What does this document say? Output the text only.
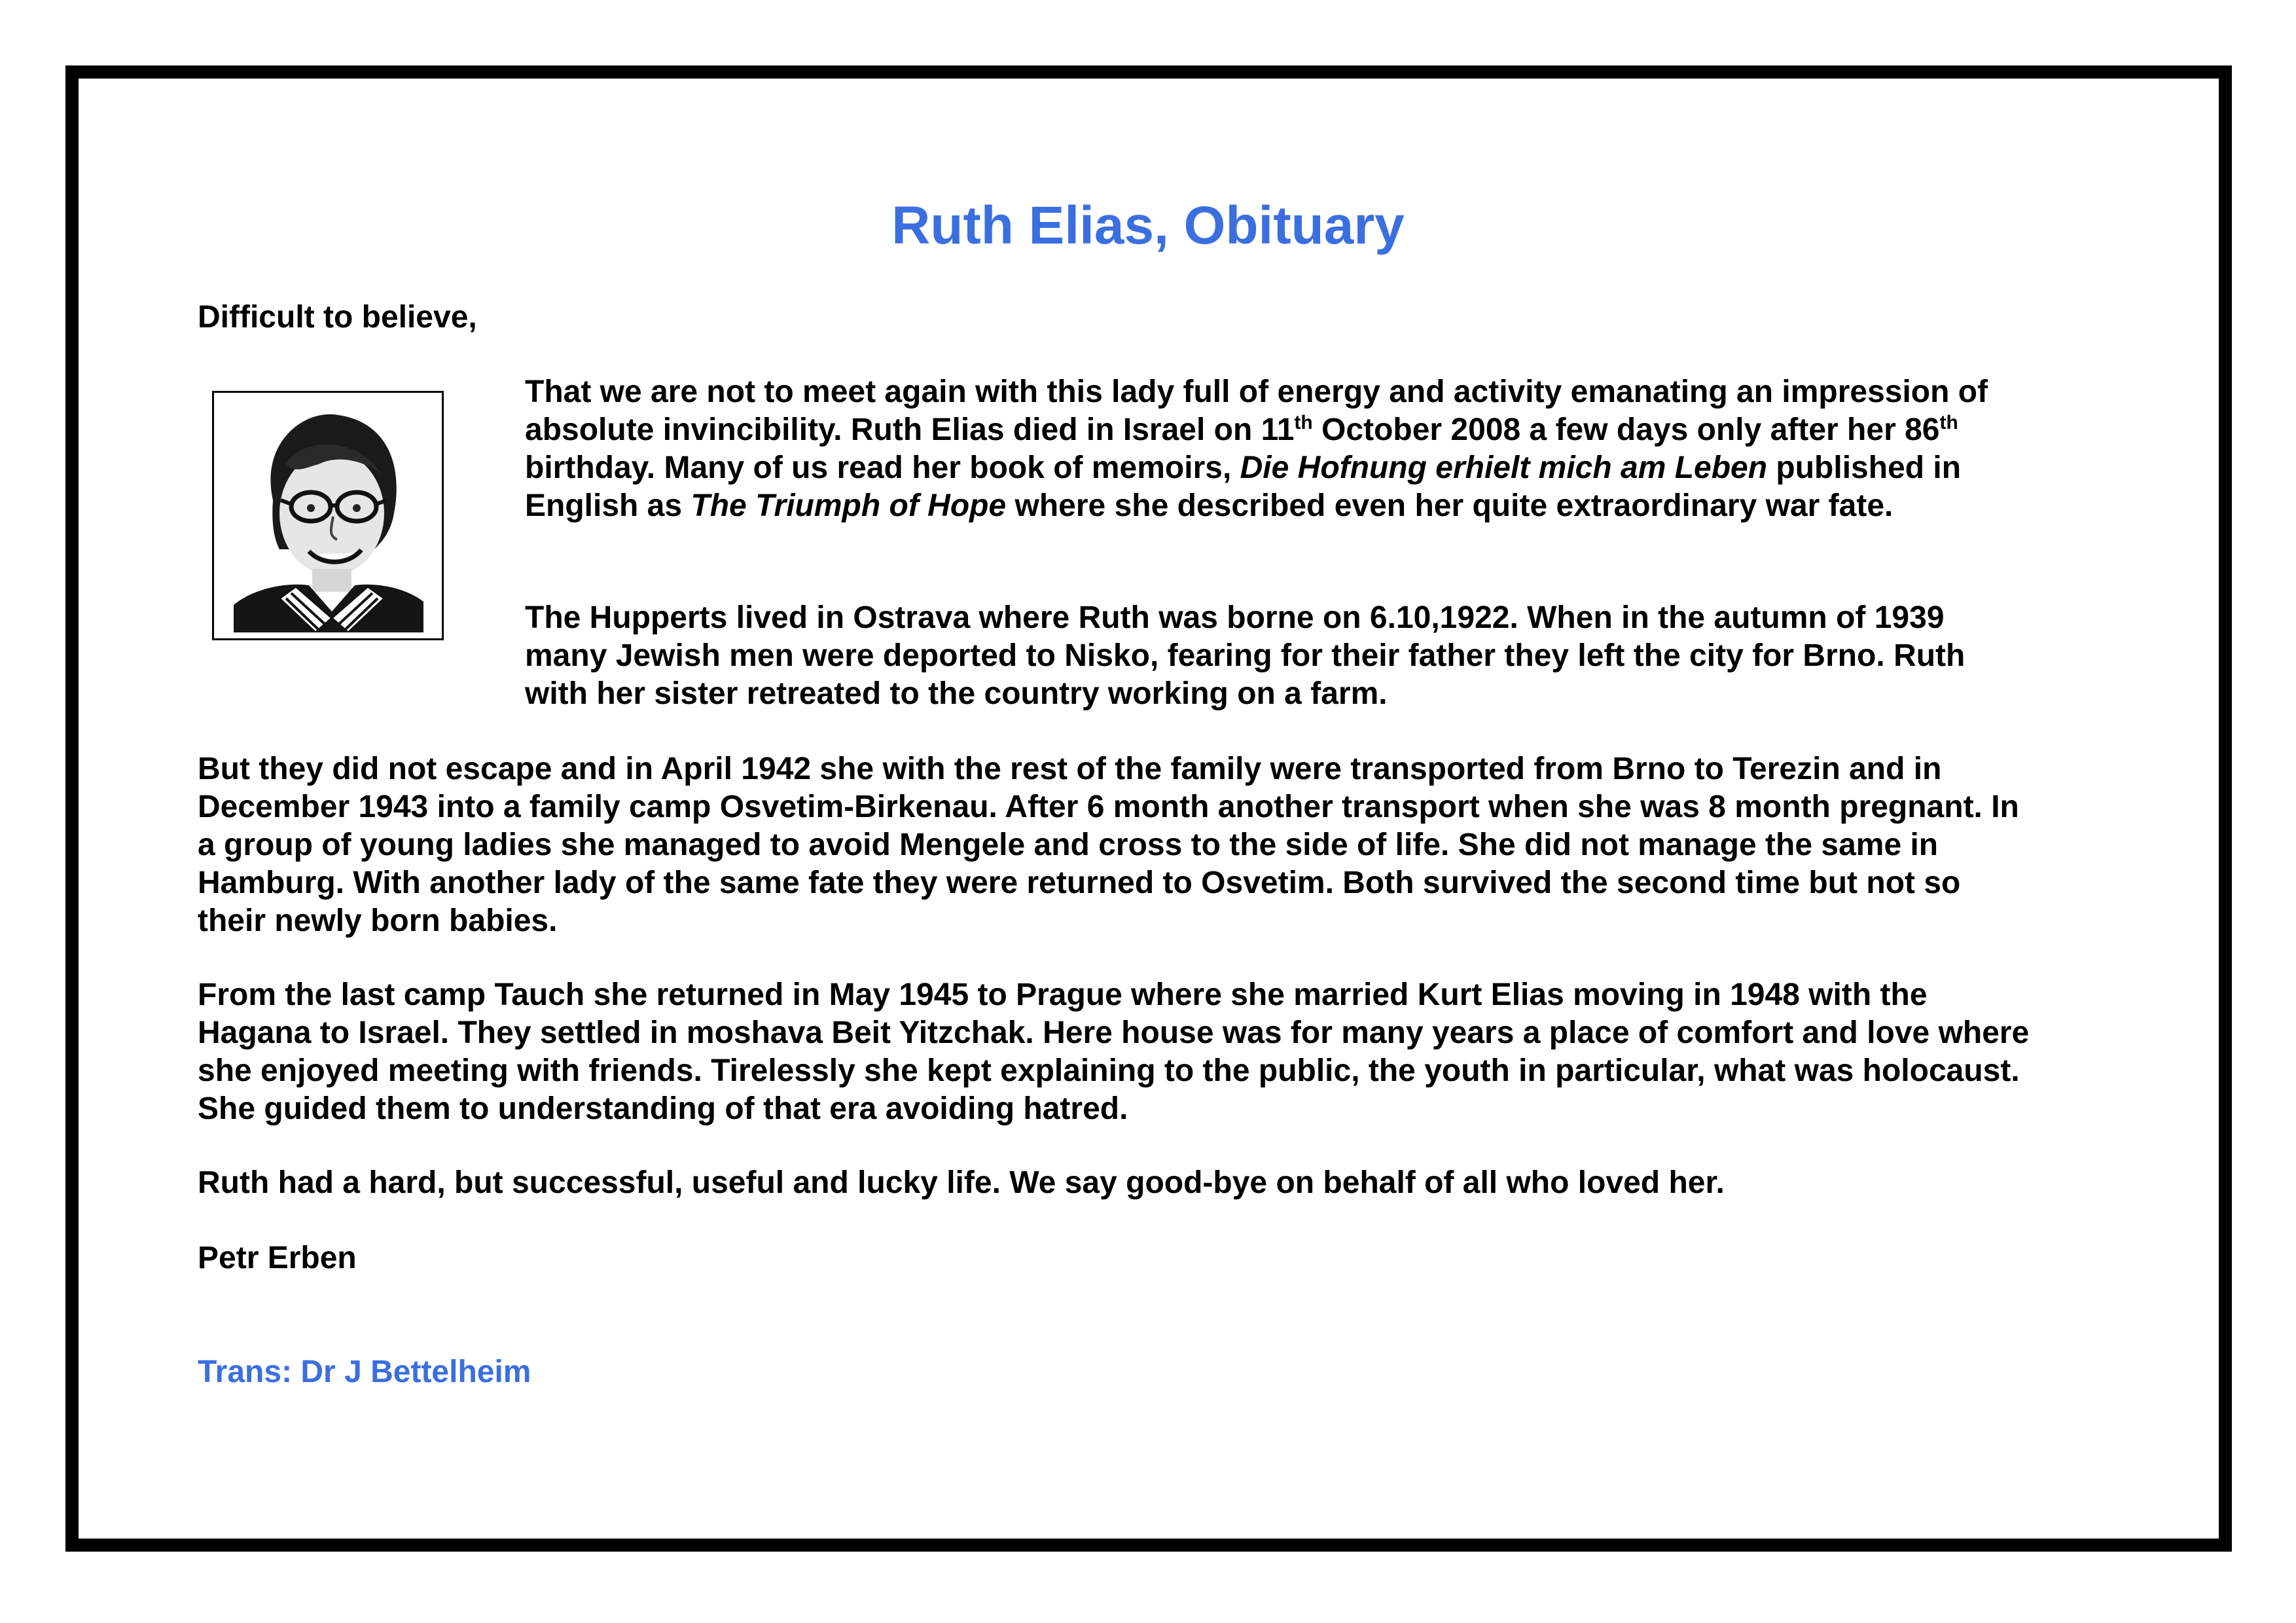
Ruth Elias, Obituary

Difficult to believe,

That we are not to meet again with this lady full of energy and activity emanating an impression of absolute invincibility. Ruth Elias died in Israel on 11th October 2008 a few days only after her 86th birthday. Many of us read her book of memoirs, Die Hofnung erhielt mich am Leben published in English as The Triumph of Hope where she described even her quite extraordinary war fate.

The Hupperts lived in Ostrava where Ruth was borne on 6.10,1922. When in the autumn of 1939 many Jewish men were deported to Nisko, fearing for their father they left the city for Brno. Ruth with her sister retreated to the country working on a farm.

But they did not escape and in April 1942 she with the rest of the family were transported from Brno to Terezin and in December 1943 into a family camp Osvetim-Birkenau. After 6 month another transport when she was 8 month pregnant. In a group of young ladies she managed to avoid Mengele and cross to the side of life. She did not manage the same in Hamburg. With another lady of the same fate they were returned to Osvetim. Both survived the second time but not so their newly born babies.

From the last camp Tauch she returned in May 1945 to Prague where she married Kurt Elias moving in 1948 with the Hagana to Israel. They settled in moshava Beit Yitzchak. Here house was for many years a place of comfort and love where she enjoyed meeting with friends. Tirelessly she kept explaining to the public, the youth in particular, what was holocaust. She guided them to understanding of that era avoiding hatred.

Ruth had a hard, but successful, useful and lucky life. We say good-bye on behalf of all who loved her.

Petr Erben

Trans: Dr J Bettelheim
